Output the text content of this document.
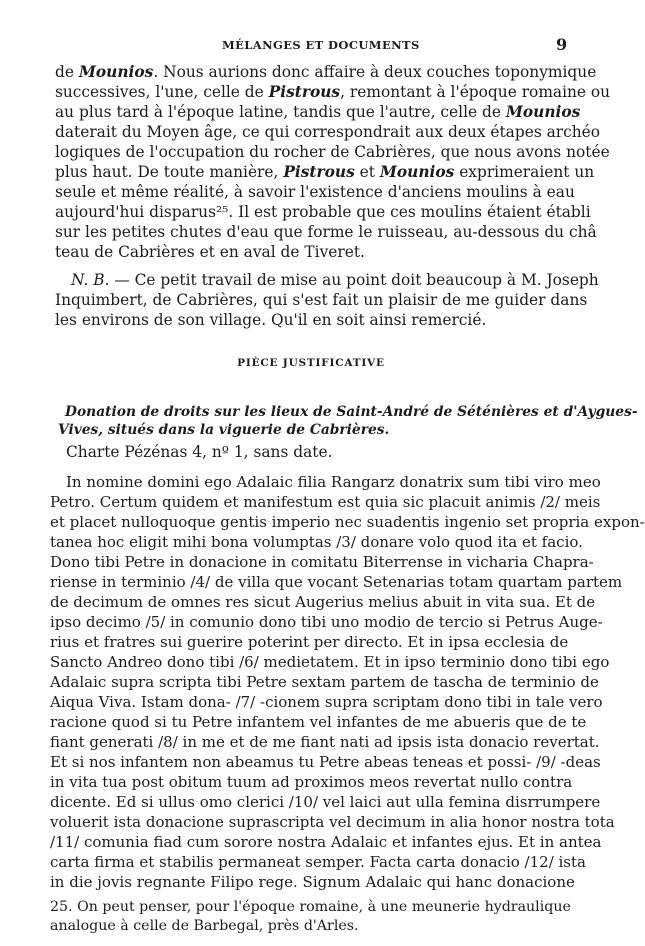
MÉLANGES ET DOCUMENTS	9
de Mounios. Nous aurions donc affaire à deux couches toponymique
successives, l'une, celle de Pistrous, remontant à l'époque romaine ou
au plus tard à l'époque latine, tandis que l'autre, celle de Mounios
daterait du Moyen âge, ce qui correspondrait aux deux étapes archéo
logiques de l'occupation du rocher de Cabrières, que nous avons notée
plus haut. De toute manière, Pistrous et Mounios exprimeraient un
seule et même réalité, à savoir l'existence d'anciens moulins à eau
aujourd'hui disparus²⁵. Il est probable que ces moulins étaient établi
sur les petites chutes d'eau que forme le ruisseau, au-dessous du châ
teau de Cabrières et en aval de Tiveret.
N. B. — Ce petit travail de mise au point doit beaucoup à M. Joseph
Inquimbert, de Cabrières, qui s'est fait un plaisir de me guider dans
les environs de son village. Qu'il en soit ainsi remercié.
PIÈCE JUSTIFICATIVE
Donation de droits sur les lieux de Saint-André de Séténières et d'Aygues-
Vives, situés dans la viguerie de Cabrières.
Charte Pézénas 4, nº 1, sans date.
In nomine domini ego Adalaic filia Rangarz donatrix sum tibi viro meo
Petro. Certum quidem et manifestum est quia sic placuit animis /2/ meis
et placet nulloquoque gentis imperio nec suadentis ingenio set propria expon-
tanea hoc eligit mihi bona volumptas /3/ donare volo quod ita et facio.
Dono tibi Petre in donacione in comitatu Biterrense in vicharia Chapra-
riense in terminio /4/ de villa que vocant Setenarias totam quartam partem
de decimum de omnes res sicut Augerius melius abuit in vita sua. Et de
ipso decimo /5/ in comunio dono tibi uno modio de tercio si Petrus Auge-
rius et fratres sui guerire poterint per directo. Et in ipsa ecclesia de
Sancto Andreo dono tibi /6/ medietatem. Et in ipso terminio dono tibi ego
Adalaic supra scripta tibi Petre sextam partem de tascha de terminio de
Aiqua Viva. Istam dona- /7/ -cionem supra scriptam dono tibi in tale vero
racione quod si tu Petre infantem vel infantes de me abueris que de te
fiant generati /8/ in me et de me fiant nati ad ipsis ista donacio revertat.
Et si nos infantem non abeamus tu Petre abeas teneas et possi- /9/ -deas
in vita tua post obitum tuum ad proximos meos revertat nullo contra
dicente. Ed si ullus omo clerici /10/ vel laici aut ulla femina disrrumpere
voluerit ista donacione suprascripta vel decimum in alia honor nostra tota
/11/ comunia fiad cum sorore nostra Adalaic et infantes ejus. Et in antea
carta firma et stabilis permaneat semper. Facta carta donacio /12/ ista
in die jovis regnante Filipo rege. Signum Adalaic qui hanc donacione
25. On peut penser, pour l'époque romaine, à une meunerie hydraulique
analogue à celle de Barbegal, près d'Arles.
